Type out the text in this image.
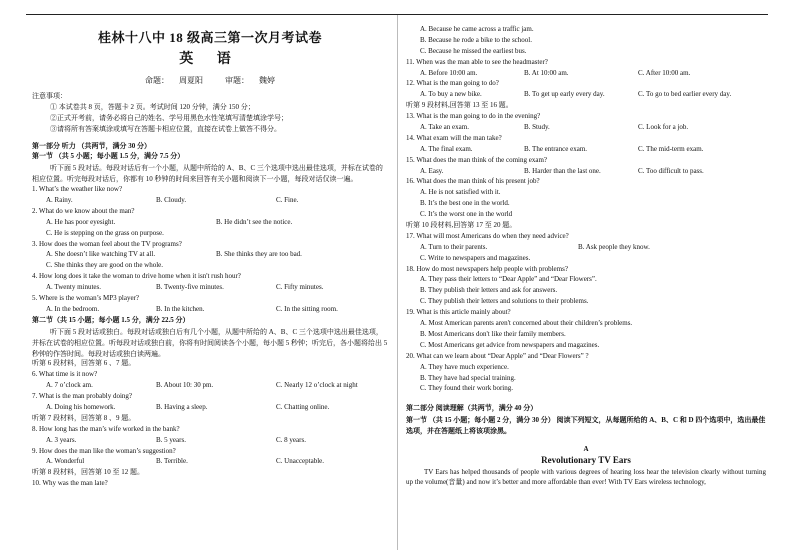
桂林十八中 18 级高三第一次月考试卷
英 语
命题： 周夏阳	审题： 魏婷
注意事项：
① 本试卷共 8 页，答题卡 2 页。考试时间 120 分钟，满分 150 分；
②正式开考前，请务必将自己的姓名、学号用黑色水性笔填写清楚填涂学号；
③请将所有答案填涂或填写在答题卡相应位置，直接在试卷上做答不得分。
第一部分 听力 （共两节，满分 30 分）
第一节 （共 5 小题；每小题 1.5 分，满分 7.5 分）
听下面 5 段对话。每段对话后有一个小题，从题中所给的 A、B、C 三个选项中选出最佳选项，并标在试卷的相应位置。听完每段对话后，你都有 10 秒钟的时间来回答有关小题和阅读下一小题，每段对话仅读一遍。
1. What’s the weather like now?
A. Rainy.	B. Cloudy.	C. Fine.
2. What do we know about the man?
A. He has poor eyesight.	B. He didn’t see the notice.
C. He is stepping on the grass on purpose.
3. How does the woman feel about the TV programs?
A. She doesn’t like watching TV at all.	B. She thinks they are too bad.
C. She thinks they are good on the whole.
4. How long does it take the woman to drive home when it isn't rush hour?
A. Twenty minutes.	B. Twenty-five minutes.	C. Fifty minutes.
5. Where is the woman’s MP3 player?
A. In the bedroom.	B. In the kitchen.	C. In the sitting room.
第二节（共 15 小题；每小题 1.5 分，满分 22.5 分）
听下面 5 段对话或独白。每段对话或独白后有几个小题，从题中所给的 A、B、C 三个选项中选出最佳选项，并标在试卷的相应位置。听每段对话或独白前，你将有时间阅读各个小题，每小题 5 秒钟；听完后，各小题将给出 5 秒钟的作答时间。每段对话或独白读两遍。
听第 6 段材料，回答第 6 、7 题。
6. What time is it now?
A. 7 o’clock am.	B. About 10: 30 pm.	C. Nearly 12 o’clock at night
7. What is the man probably doing?
A. Doing his homework.	B. Having a sleep.	C. Chatting online.
听第 7 段材料，回答第 8 、9 题。
8. How long has the man’s wife worked in the bank?
A. 3 years.	B. 5 years.	C. 8 years.
9. How does the man like the woman’s suggestion?
A. Wonderful	B. Terrible.	C. Unacceptable.
听第 8 段材料，回答第 10 至 12 题。
10. Why was the man late?
A. Because he came across a traffic jam.
B. Because he rode a bike to the school.
C. Because he missed the earliest bus.
11. When was the man able to see the headmaster?
A. Before 10:00 am.	B. At 10:00 am.	C. After 10:00 am.
12. What is the man going to do?
A. To buy a new bike.	B. To get up early every day.	C. To go to bed earlier every day.
听第 9 段材料,回答第 13 至 16 题。
13. What is the man going to do in the evening?
A. Take an exam.	B. Study.	C. Look for a job.
14. What exam will the man take?
A. The final exam.	B. The entrance exam.	C. The mid-term exam.
15. What does the man think of the coming exam?
A. Easy.	B. Harder than the last one.	C. Too difficult to pass.
16. What does the man think of his present job?
A. He is not satisfied with it.
B. It’s the best one in the world.
C. It’s the worst one in the world
听第 10 段材料,回答第 17 至 20 题。
17. What will most Americans do when they need advice?
A. Turn to their parents.	B. Ask people they know.
C. Write to newspapers and magazines.
18. How do most newspapers help people with problems?
A. They pass their letters to “Dear Apple” and “Dear Flowers”.
B. They publish their letters and ask for answers.
C. They publish their letters and solutions to their problems.
19. What is this article mainly about?
A. Most American parents aren't concerned about their children’s problems.
B. Most Americans don't like their family members.
C. Most Americans get advice from newspapers and magazines.
20. What can we learn about “Dear Apple” and “Dear Flowers” ?
A. They have much experience.
B. They have had special training.
C. They found their work boring.
第二部分 阅读理解（共两节，满分 40 分）
第一节 （共 15 小题；每小题 2 分，满分 30 分） 阅读下列短文，从每题所给的 A、B、C 和 D 四个选项中，选出最佳选项，并在答题纸上将该项涂黑。
A
Revolutionary TV Ears
TV Ears has helped thousands of people with various degrees of hearing loss hear the television clearly without turning up the volume(音量) and now it’s better and more affordable than ever! With TV Ears wireless technology,
